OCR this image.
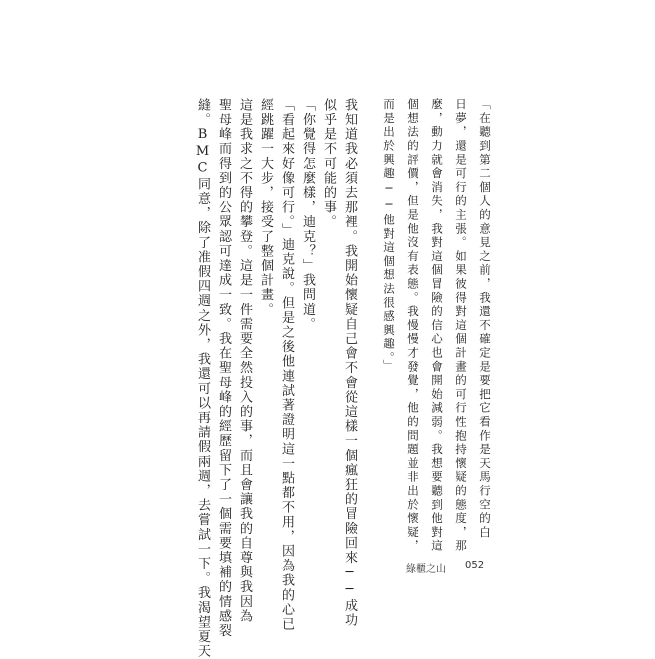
「在聽到第二個人的意見之前，我還不確定是要把它看作是天馬行空的白
日夢，還是可行的主張。如果彼得對這個計畫的可行性抱持懷疑的態度，那
麼，動力就會消失，我對這個冒險的信心也會開始減弱。我想要聽到他對這
個想法的評價，但是他沒有表態。我慢慢才發覺，他的問題並非出於懷疑，
而是出於興趣──他對這個想法很感興趣。」
我知道我必須去那裡。我開始懷疑自己會不會從這樣一個瘋狂的冒險回來──成功
似乎是不可能的事。
「你覺得怎麼樣，迪克？」我問道。
「看起來好像可行。」迪克說。但是之後他連試著證明這一點都不用，因為我的心已
經跳躍一大步，接受了整個計畫。
這是我求之不得的攀登。這是一件需要全然投入的事，而且會讓我的自尊與我因為
聖母峰而得到的公眾認可達成一致。我在聖母峰的經歷留下了一個需要填補的情感裂
縫。BMC同意，除了准假四週之外，我還可以再請假兩週，去嘗試一下。我渴望夏天	綠櫃之山 052
